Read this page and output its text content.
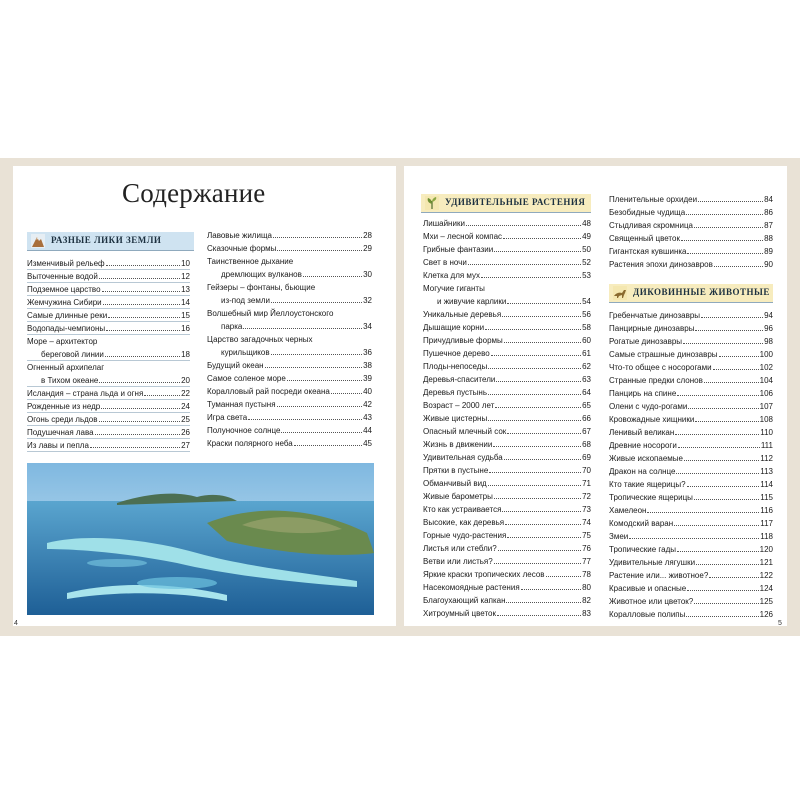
Содержание
РАЗНЫЕ ЛИКИ ЗЕМЛИ
УДИВИТЕЛЬНЫЕ РАСТЕНИЯ
ДИКОВИННЫЕ ЖИВОТНЫЕ
Изменчивый рельеф	10
Выточенные водой	12
Подземное царство	13
Жемчужина Сибири	14
Самые длинные реки	15
Водопады-чемпионы	16
Море – архитектор
береговой линии	18
Огненный архипелаг
в Тихом океане	20
Исландия – страна льда и огня	22
Рожденные из недр	24
Огонь среди льдов	25
Подушечная лава	26
Из лавы и пепла	27
Лавовые жилища	28
Сказочные формы	29
Таинственное дыхание
дремлющих вулканов	30
Гейзеры – фонтаны, бьющие
из-под земли	32
Волшебный мир Йеллоустонского
парка	34
Царство загадочных черных
курильщиков	36
Будущий океан	38
Самое соленое море	39
Коралловый рай посреди океана	40
Туманная пустыня	42
Игра света	43
Полуночное солнце	44
Краски полярного неба	45
Лишайники	48
Мхи – лесной компас	49
Грибные фантазии	50
Свет в ночи	52
Клетка для мух	53
Могучие гиганты
и живучие карлики	54
Уникальные деревья	56
Дышащие корни	58
Причудливые формы	60
Пушечное дерево	61
Плоды-непоседы	62
Деревья-спасители	63
Деревья пустынь	64
Возраст – 2000 лет	65
Живые цистерны	66
Опасный млечный сок	67
Жизнь в движении	68
Удивительная судьба	69
Прятки в пустыне	70
Обманчивый вид	71
Живые барометры	72
Кто как устраивается	73
Высокие, как деревья	74
Горные чудо-растения	75
Листья или стебли?	76
Ветви или листья?	77
Яркие краски тропических лесов	78
Насекомоядные растения	80
Благоухающий капкан	82
Хитроумный цветок	83
Пленительные орхидеи	84
Безобидные чудища	86
Стыдливая скромница	87
Священный цветок	88
Гигантская кувшинка	89
Растения эпохи динозавров	90
Гребенчатые динозавры	94
Панцирные динозавры	96
Рогатые динозавры	98
Самые страшные динозавры	100
Что-то общее с носорогами	102
Странные предки слонов	104
Панцирь на спине	106
Олени с чудо-рогами	107
Кровожадные хищники	108
Ленивый великан	110
Древние носороги	111
Живые ископаемые	112
Дракон на солнце	113
Кто такие ящерицы?	114
Тропические ящерицы	115
Хамелеон	116
Комодский варан	117
Змеи	118
Тропические гады	120
Удивительные лягушки	121
Растение или... животное?	122
Красивые и опасные	124
Животное или цветок?	125
Коралловые полипы	126
4	5
